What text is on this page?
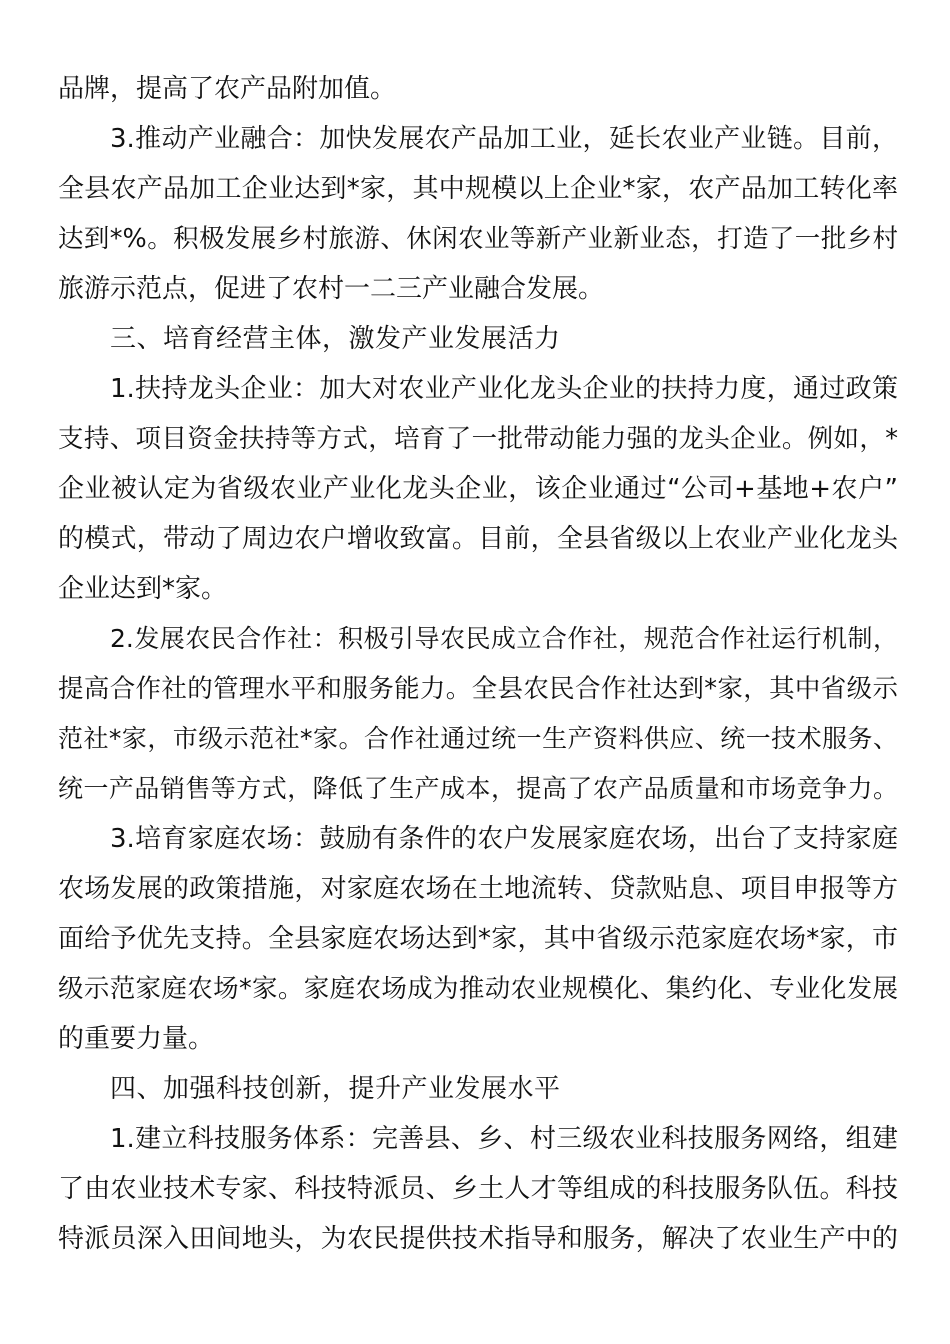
品牌，提高了农产品附加值。
3.推动产业融合：加快发展农产品加工业，延长农业产业链。目前，
全县农产品加工企业达到*家，其中规模以上企业*家，农产品加工转化率
达到*%。积极发展乡村旅游、休闲农业等新产业新业态，打造了一批乡村
旅游示范点，促进了农村一二三产业融合发展。
三、培育经营主体，激发产业发展活力
1.扶持龙头企业：加大对农业产业化龙头企业的扶持力度，通过政策
支持、项目资金扶持等方式，培育了一批带动能力强的龙头企业。例如，*
企业被认定为省级农业产业化龙头企业，该企业通过“公司+基地+农户”
的模式，带动了周边农户增收致富。目前，全县省级以上农业产业化龙头
企业达到*家。
2.发展农民合作社：积极引导农民成立合作社，规范合作社运行机制，
提高合作社的管理水平和服务能力。全县农民合作社达到*家，其中省级示
范社*家，市级示范社*家。合作社通过统一生产资料供应、统一技术服务、
统一产品销售等方式，降低了生产成本，提高了农产品质量和市场竞争力。
3.培育家庭农场：鼓励有条件的农户发展家庭农场，出台了支持家庭
农场发展的政策措施，对家庭农场在土地流转、贷款贴息、项目申报等方
面给予优先支持。全县家庭农场达到*家，其中省级示范家庭农场*家，市
级示范家庭农场*家。家庭农场成为推动农业规模化、集约化、专业化发展
的重要力量。
四、加强科技创新，提升产业发展水平
1.建立科技服务体系：完善县、乡、村三级农业科技服务网络，组建
了由农业技术专家、科技特派员、乡土人才等组成的科技服务队伍。科技
特派员深入田间地头，为农民提供技术指导和服务，解决了农业生产中的
